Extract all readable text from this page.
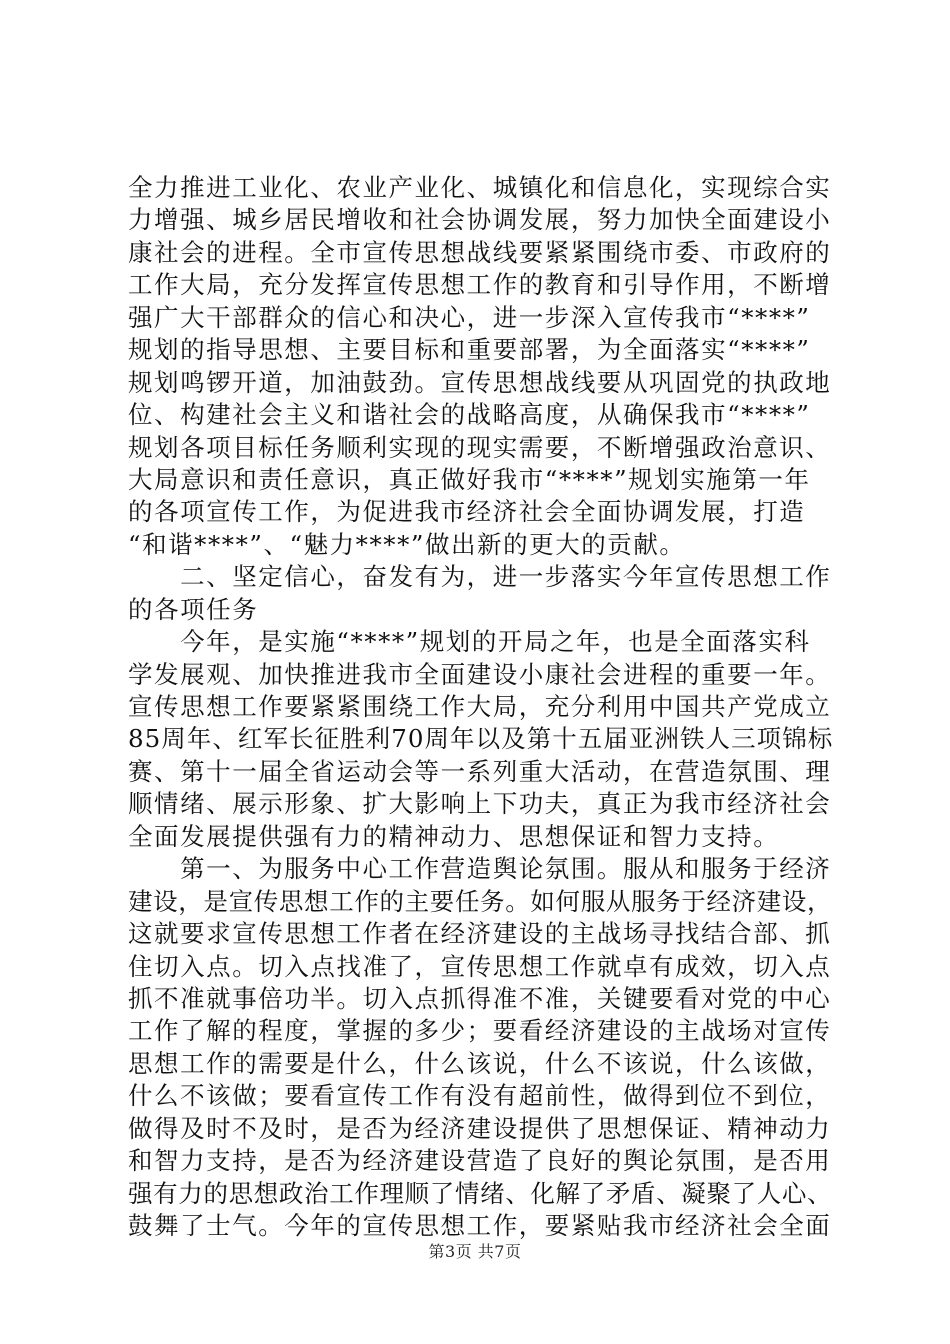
全力推进工业化、农业产业化、城镇化和信息化，实现综合实
力增强、城乡居民增收和社会协调发展，努力加快全面建设小
康社会的进程。全市宣传思想战线要紧紧围绕市委、市政府的
工作大局，充分发挥宣传思想工作的教育和引导作用，不断增
强广大干部群众的信心和决心，进一步深入宣传我市“****”
规划的指导思想、主要目标和重要部署，为全面落实“****”
规划鸣锣开道，加油鼓劲。宣传思想战线要从巩固党的执政地
位、构建社会主义和谐社会的战略高度，从确保我市“****”
规划各项目标任务顺利实现的现实需要，不断增强政治意识、
大局意识和责任意识，真正做好我市“****”规划实施第一年
的各项宣传工作，为促进我市经济社会全面协调发展，打造
“和谐****”、“魅力****”做出新的更大的贡献。
　　二、坚定信心，奋发有为，进一步落实今年宣传思想工作
的各项任务
　　今年，是实施“****”规划的开局之年，也是全面落实科
学发展观、加快推进我市全面建设小康社会进程的重要一年。
宣传思想工作要紧紧围绕工作大局，充分利用中国共产党成立
85周年、红军长征胜利70周年以及第十五届亚洲铁人三项锦标
赛、第十一届全省运动会等一系列重大活动，在营造氛围、理
顺情绪、展示形象、扩大影响上下功夫，真正为我市经济社会
全面发展提供强有力的精神动力、思想保证和智力支持。
　　第一、为服务中心工作营造舆论氛围。服从和服务于经济
建设，是宣传思想工作的主要任务。如何服从服务于经济建设，
这就要求宣传思想工作者在经济建设的主战场寻找结合部、抓
住切入点。切入点找准了，宣传思想工作就卓有成效，切入点
抓不准就事倍功半。切入点抓得准不准，关键要看对党的中心
工作了解的程度，掌握的多少；要看经济建设的主战场对宣传
思想工作的需要是什么，什么该说，什么不该说，什么该做，
什么不该做；要看宣传工作有没有超前性，做得到位不到位，
做得及时不及时，是否为经济建设提供了思想保证、精神动力
和智力支持，是否为经济建设营造了良好的舆论氛围，是否用
强有力的思想政治工作理顺了情绪、化解了矛盾、凝聚了人心、
鼓舞了士气。今年的宣传思想工作，要紧贴我市经济社会全面
第3页 共7页
